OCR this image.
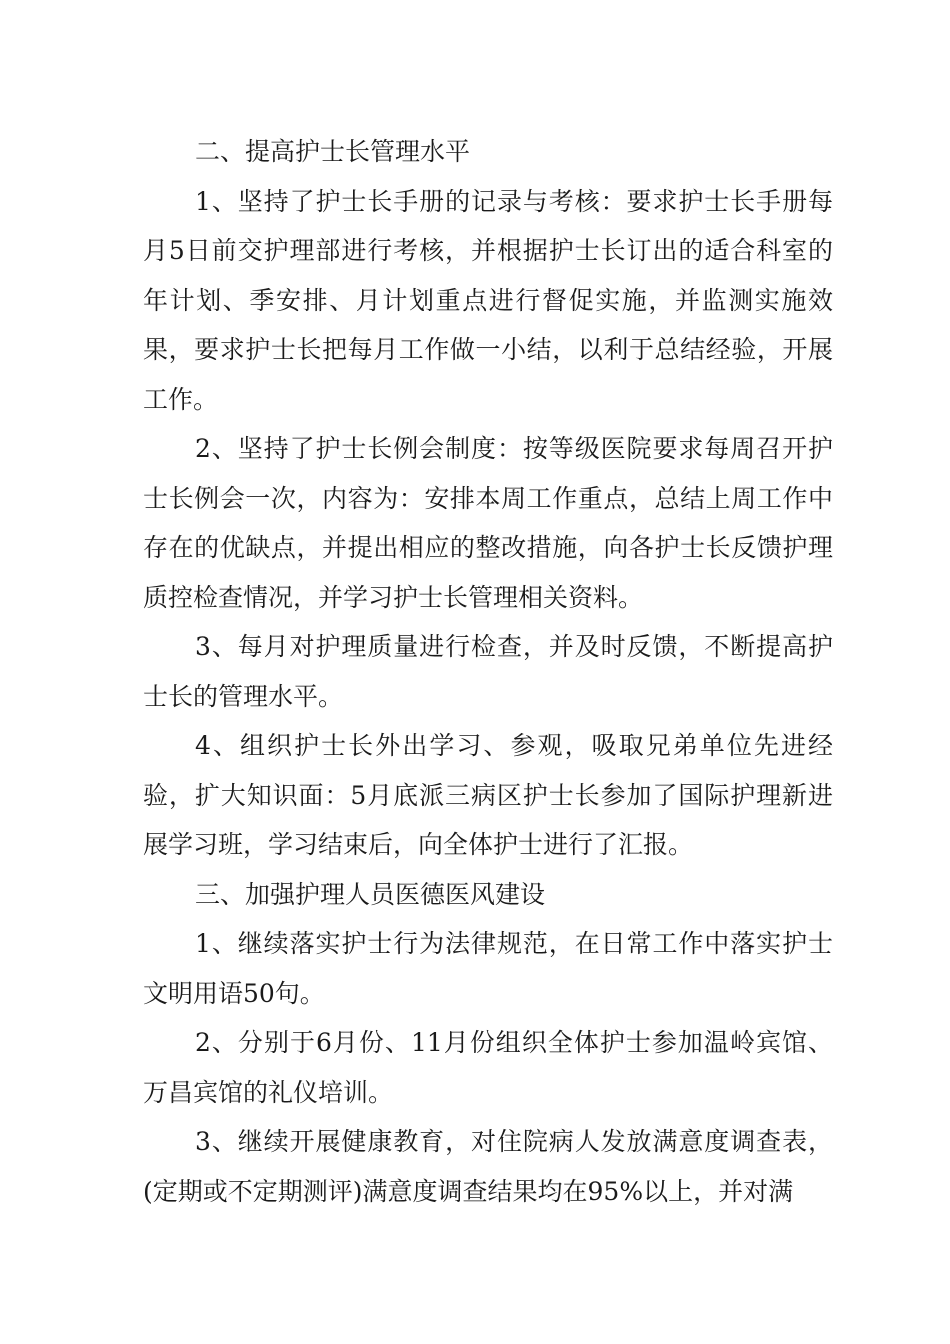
二、提高护士长管理水平

1、坚持了护士长手册的记录与考核：要求护士长手册每月5日前交护理部进行考核，并根据护士长订出的适合科室的年计划、季安排、月计划重点进行督促实施，并监测实施效果，要求护士长把每月工作做一小结，以利于总结经验，开展工作。

2、坚持了护士长例会制度：按等级医院要求每周召开护士长例会一次，内容为：安排本周工作重点，总结上周工作中存在的优缺点，并提出相应的整改措施，向各护士长反馈护理质控检查情况，并学习护士长管理相关资料。

3、每月对护理质量进行检查，并及时反馈，不断提高护士长的管理水平。

4、组织护士长外出学习、参观，吸取兄弟单位先进经验，扩大知识面：5月底派三病区护士长参加了国际护理新进展学习班，学习结束后，向全体护士进行了汇报。

三、加强护理人员医德医风建设

1、继续落实护士行为法律规范，在日常工作中落实护士文明用语50句。

2、分别于6月份、11月份组织全体护士参加温岭宾馆、万昌宾馆的礼仪培训。

3、继续开展健康教育，对住院病人发放满意度调查表，(定期或不定期测评)满意度调查结果均在95%以上，并对满
